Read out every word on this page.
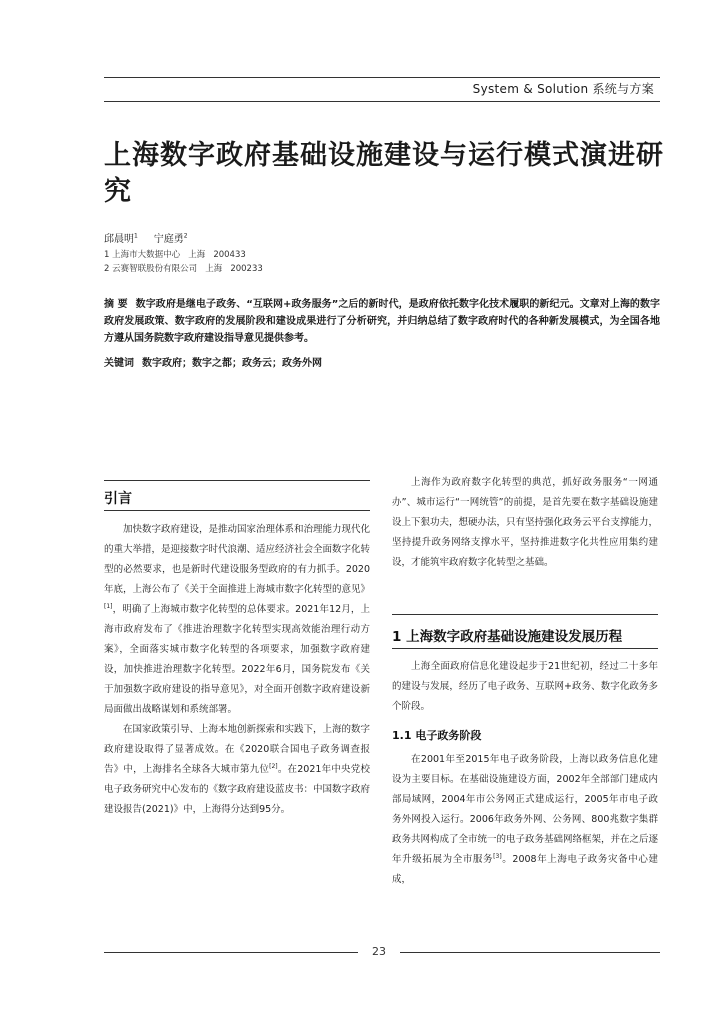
System & Solution 系统与方案
上海数字政府基础设施建设与运行模式演进研究
邱晨明$^1$ 宁庭勇$^2$
1 上海市大数据中心   上海   200433
2 云赛智联股份有限公司   上海   200233
摘 要 数字政府是继电子政务、“互联网+政务服务”之后的新时代，是政府依托数字化技术履职的新纪元。文章对上海的数字政府发展政策、数字政府的发展阶段和建设成果进行了分析研究，并归纳总结了数字政府时代的各种新发展模式，为全国各地方遵从国务院数字政府建设指导意见提供参考。
关键词 数字政府；数字之都；政务云；政务外网
引言

加快数字政府建设，是推动国家治理体系和治理能力现代化的重大举措，是迎接数字时代浪潮、适应经济社会全面数字化转型的必然要求，也是新时代建设服务型政府的有力抓手。2020 年底，上海公布了《关于全面推进上海城市数字化转型的意见》[1]，明确了上海城市数字化转型的总体要求。2021年12月，上海市政府发布了《推进治理数字化转型实现高效能治理行动方案》，全面落实城市数字化转型的各项要求，加强数字政府建设，加快推进治理数字化转型。2022年6月，国务院发布《关于加强数字政府建设的指导意见》，对全面开创数字政府建设新局面做出战略谋划和系统部署。

在国家政策引导、上海本地创新探索和实践下，上海的数字政府建设取得了显著成效。在《2020联合国电子政务调查报告》中，上海排名全球各大城市第九位[2]。在2021年中央党校电子政务研究中心发布的《数字政府建设蓝皮书：中国数字政府建设报告(2021)》中，上海得分达到95分。

上海作为政府数字化转型的典范，抓好政务服务“一网通办”、城市运行“一网统管”的前提，是首先要在数字基础设施建设上下狠功夫，想硬办法，只有坚持强化政务云平台支撑能力，坚持提升政务网络支撑水平，坚持推进数字化共性应用集约建设，才能筑牢政府数字化转型之基础。

1 上海数字政府基础设施建设发展历程

上海全面政府信息化建设起步于21世纪初，经过二十多年的建设与发展，经历了电子政务、互联网+政务、数字化政务多个阶段。

1.1 电子政务阶段

在2001年至2015年电子政务阶段，上海以政务信息化建设为主要目标。在基础设施建设方面，2002年全部部门建成内部局域网，2004年市公务网正式建成运行，2005年市电子政务外网投入运行。2006年政务外网、公务网、800兆数字集群政务共网构成了全市统一的电子政务基础网络框架，并在之后逐年升级拓展为全市服务[3]。2008年上海电子政务灾备中心建成，

23
